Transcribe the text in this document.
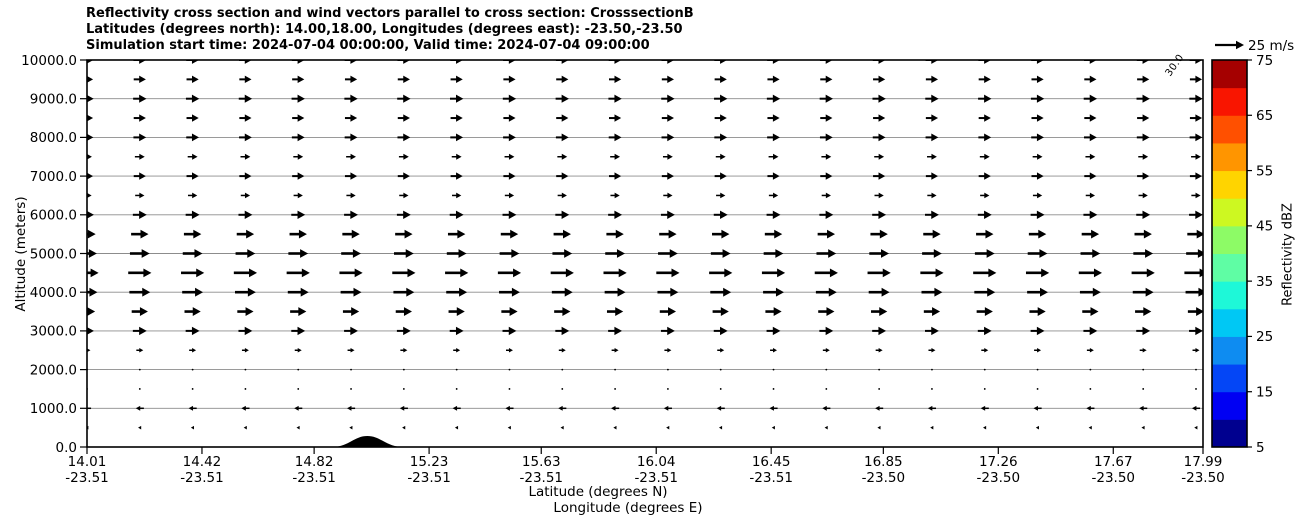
0.0
1000.0
2000.0
3000.0
4000.0
5000.0
6000.0
7000.0
8000.0
9000.0
10000.0
14.01
-23.51
14.42
-23.51
14.82
-23.51
15.23
-23.51
15.63
-23.51
16.04
-23.51
16.45
-23.51
16.85
-23.50
17.26
-23.50
17.67
-23.50
17.99
-23.50
5
15
25
35
45
55
65
75
Reflectivity cross section and wind vectors parallel to cross section: CrosssectionB
Latitudes (degrees north): 14.00,18.00, Longitudes (degrees east): -23.50,-23.50
Simulation start time: 2024-07-04 00:00:00, Valid time: 2024-07-04 09:00:00
Altitude (meters)
Latitude (degrees N)
Longitude (degrees E)
Reflectivity dBZ
25 m/s
30.0
